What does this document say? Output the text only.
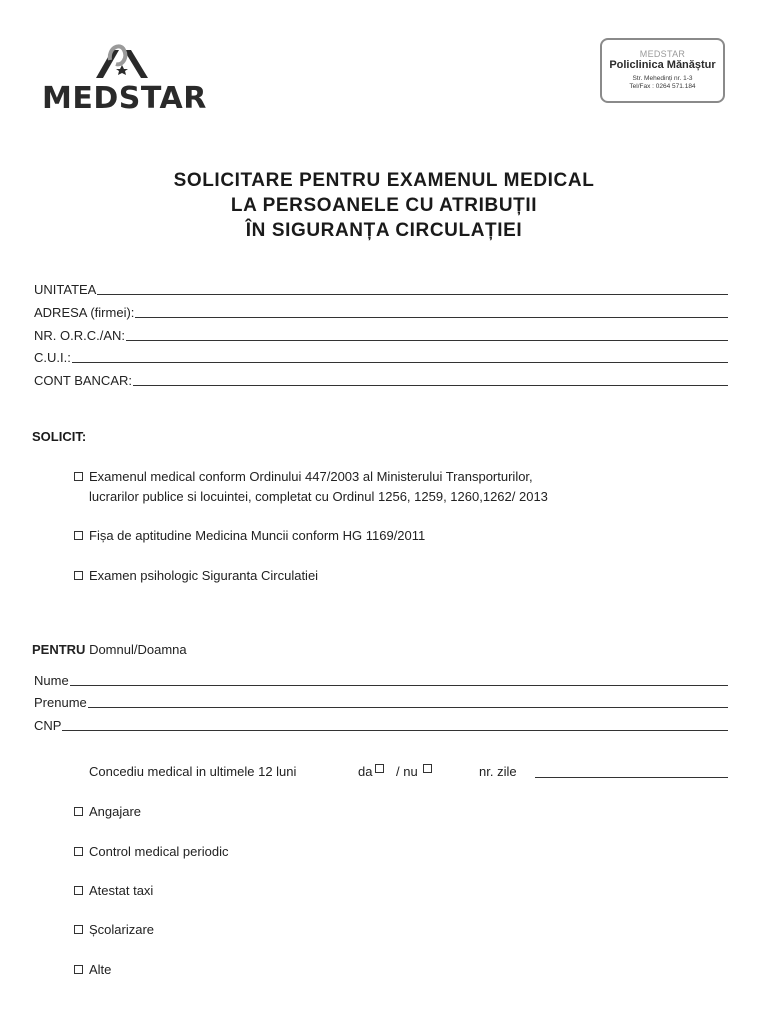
MEDSTAR
MEDSTAR
Policlinica Mănăștur
Str. Mehedinți nr. 1-3
Tel/Fax : 0264 571.184
SOLICITARE PENTRU EXAMENUL MEDICAL
LA PERSOANELE CU ATRIBUȚII
ÎN SIGURANȚA CIRCULAȚIEI
UNITATEA
ADRESA (firmei):
NR. O.R.C./AN:
C.U.I.:
CONT BANCAR:
SOLICIT:
Examenul medical conform Ordinului 447/2003 al Ministerului Transporturilor,
lucrarilor publice si locuintei, completat cu Ordinul 1256, 1259, 1260,1262/ 2013
Fișa de aptitudine Medicina Muncii conform HG 1169/2011
Examen psihologic Siguranta Circulatiei
PENTRU Domnul/Doamna
Nume
Prenume
CNP
Concediu medical in ultimele 12 luni	da / nu	nr. zile
Angajare
Control medical periodic
Atestat taxi
Școlarizare
Alte
